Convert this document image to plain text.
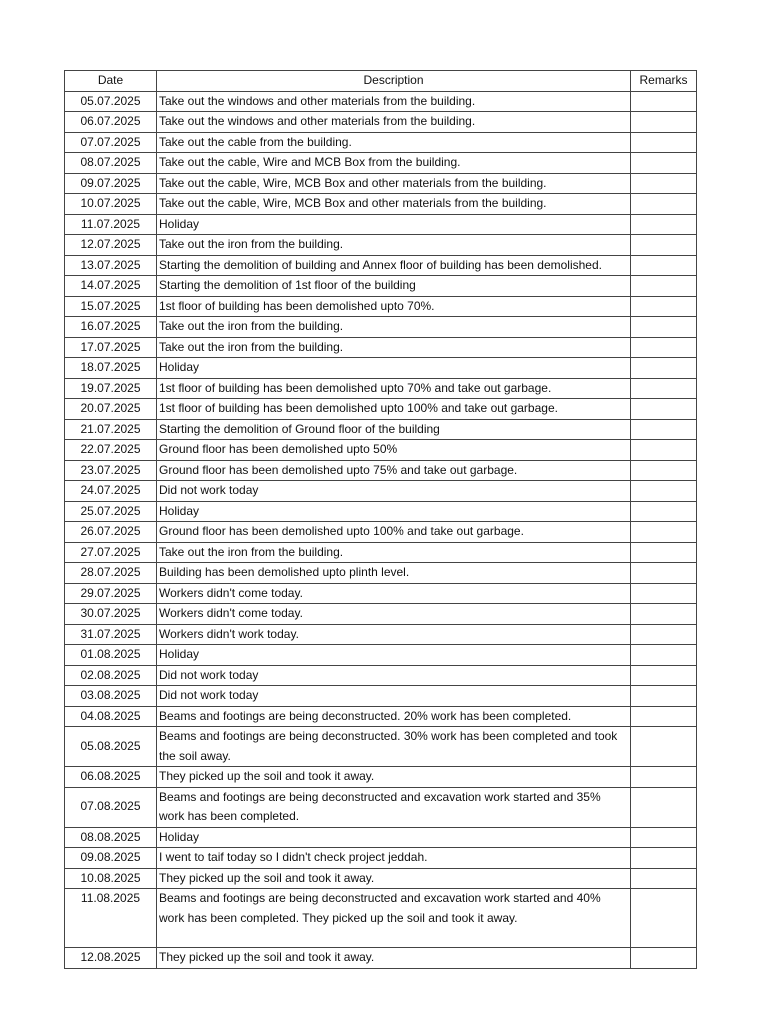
Date	Description	Remarks
05.07.2025	Take out the windows and other materials from the building.	
06.07.2025	Take out the windows and other materials from the building.	
07.07.2025	Take out the cable from the building.	
08.07.2025	Take out the cable, Wire and MCB Box from the building.	
09.07.2025	Take out the cable, Wire, MCB Box and other materials from the building.	
10.07.2025	Take out the cable, Wire, MCB Box and other materials from the building.	
11.07.2025	Holiday	
12.07.2025	Take out the iron from the building.	
13.07.2025	Starting the demolition of building and Annex floor of building has been demolished.	
14.07.2025	Starting the demolition of 1st floor of the building	
15.07.2025	1st floor of building has been demolished upto 70%.	
16.07.2025	Take out the iron from the building.	
17.07.2025	Take out the iron from the building.	
18.07.2025	Holiday	
19.07.2025	1st floor of building has been demolished upto 70% and take out garbage.	
20.07.2025	1st floor of building has been demolished upto 100% and take out garbage.	
21.07.2025	Starting the demolition of Ground floor of the building	
22.07.2025	Ground floor has been demolished upto 50%	
23.07.2025	Ground floor has been demolished upto 75% and take out garbage.	
24.07.2025	Did not work today	
25.07.2025	Holiday	
26.07.2025	Ground floor has been demolished upto 100% and take out garbage.	
27.07.2025	Take out the iron from the building.	
28.07.2025	Building has been demolished upto plinth level.	
29.07.2025	Workers didn't come today.	
30.07.2025	Workers didn't come today.	
31.07.2025	Workers didn't work today.	
01.08.2025	Holiday	
02.08.2025	Did not work today	
03.08.2025	Did not work today	
04.08.2025	Beams and footings are being deconstructed. 20% work has been completed.	
05.08.2025	Beams and footings are being deconstructed. 30% work has been completed and took the soil away.	
06.08.2025	They picked up the soil and took it away.	
07.08.2025	Beams and footings are being deconstructed and excavation work started and 35% work has been completed.	
08.08.2025	Holiday	
09.08.2025	I went to taif today so I didn't check project jeddah.	
10.08.2025	They picked up the soil and took it away.	
11.08.2025	Beams and footings are being deconstructed and excavation work started and 40% work has been completed. They picked up the soil and took it away.	
12.08.2025	They picked up the soil and took it away.	
